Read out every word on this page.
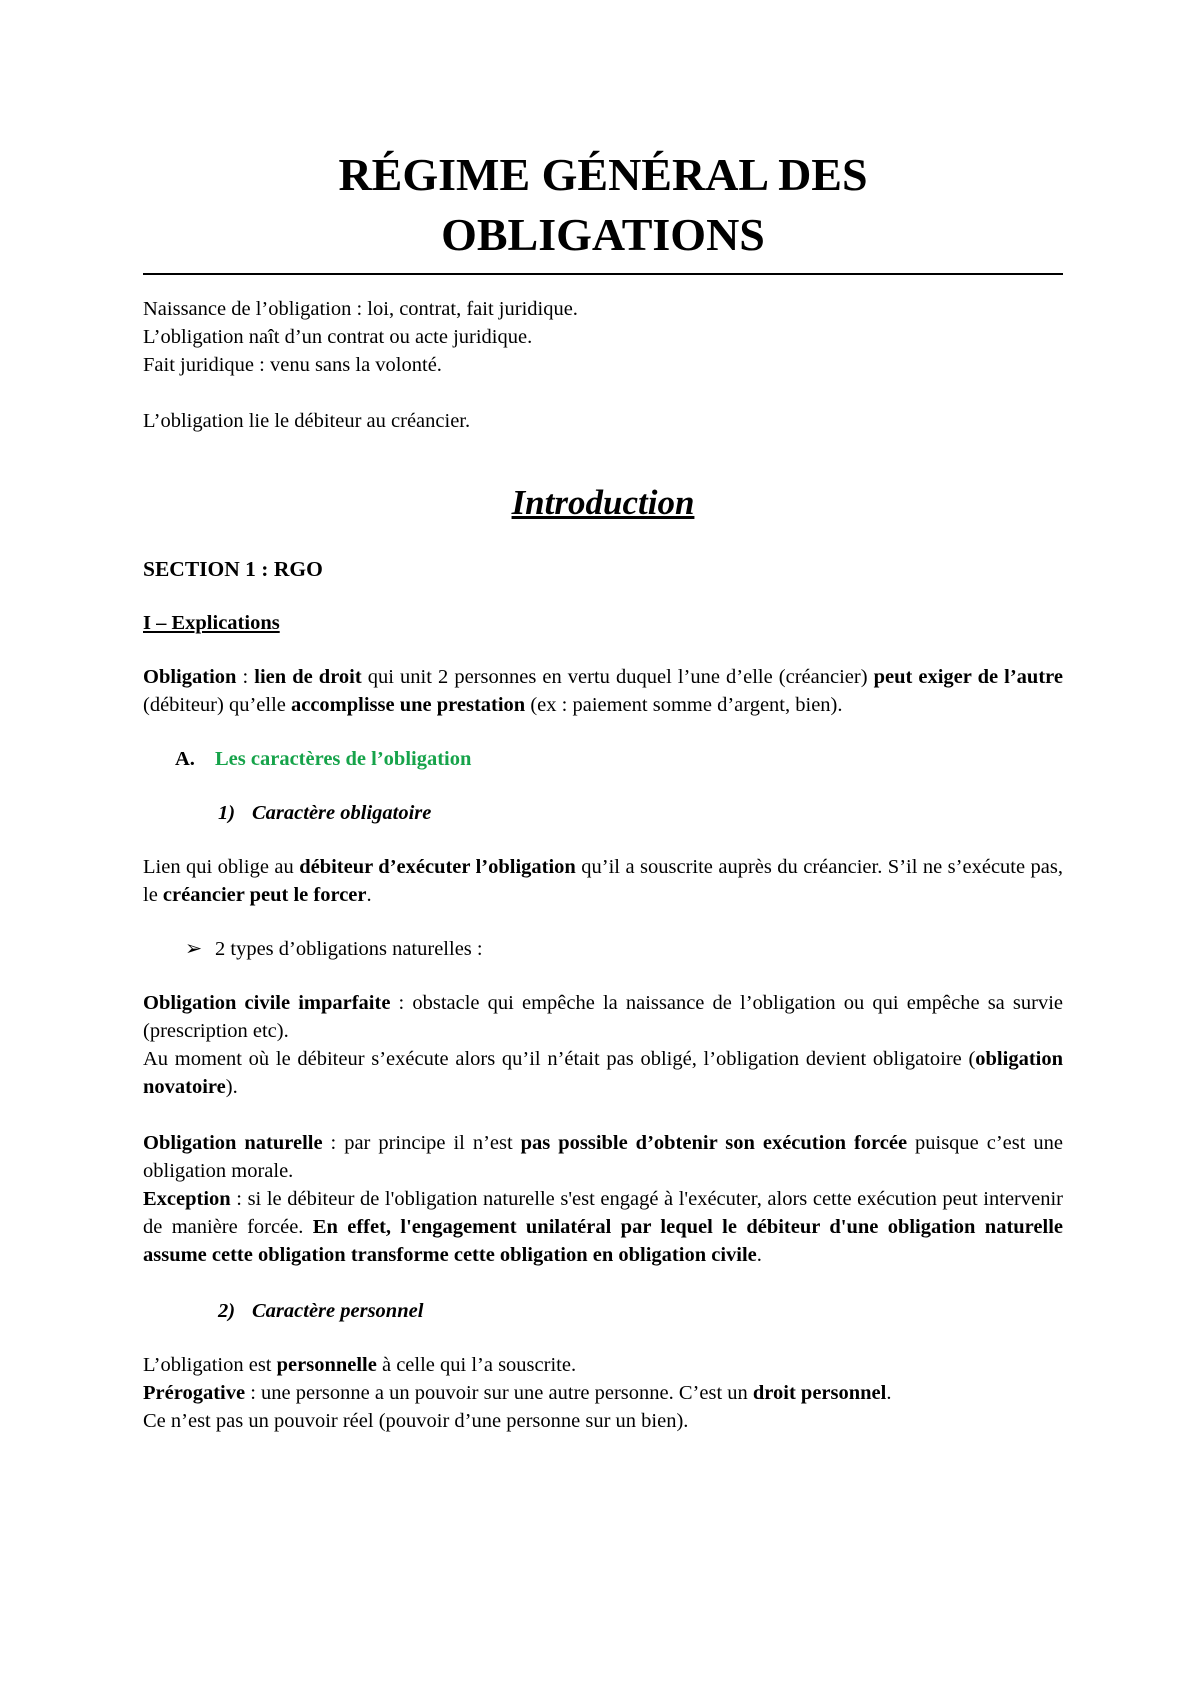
RÉGIME GÉNÉRAL DES
OBLIGATIONS

Naissance de l’obligation : loi, contrat, fait juridique.

L’obligation naît d’un contrat ou acte juridique.

Fait juridique : venu sans la volonté.

L’obligation lie le débiteur au créancier.

Introduction
SECTION 1 : RGO
I – Explications

Obligation : lien de droit qui unit 2 personnes en vertu duquel l’une d’elle (créancier) peut exiger de l’autre (débiteur) qu’elle accomplisse une prestation (ex : paiement somme d’argent, bien).

A. Les caractères de l’obligation
1) Caractère obligatoire

Lien qui oblige au débiteur d’exécuter l’obligation qu’il a souscrite auprès du créancier. S’il ne s’exécute pas, le créancier peut le forcer.

➢ 2 types d’obligations naturelles :

Obligation civile imparfaite : obstacle qui empêche la naissance de l’obligation ou qui empêche sa survie (prescription etc).

Au moment où le débiteur s’exécute alors qu’il n’était pas obligé, l’obligation devient obligatoire (obligation novatoire).

Obligation naturelle : par principe il n’est pas possible d’obtenir son exécution forcée puisque c’est une obligation morale.

Exception : si le débiteur de l'obligation naturelle s'est engagé à l'exécuter, alors cette exécution peut intervenir de manière forcée. En effet, l'engagement unilatéral par lequel le débiteur d'une obligation naturelle assume cette obligation transforme cette obligation en obligation civile.

2) Caractère personnel

L’obligation est personnelle à celle qui l’a souscrite.

Prérogative : une personne a un pouvoir sur une autre personne. C’est un droit personnel.

Ce n’est pas un pouvoir réel (pouvoir d’une personne sur un bien).
